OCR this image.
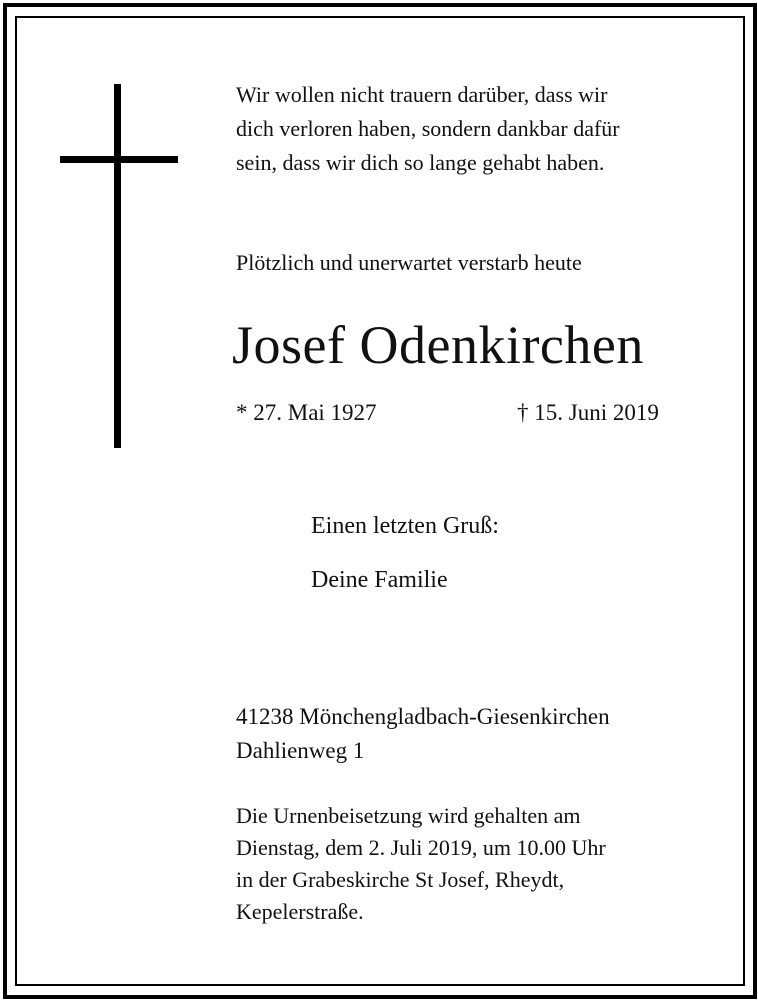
Wir wollen nicht trauern darüber, dass wir
dich verloren haben, sondern dankbar dafür
sein, dass wir dich so lange gehabt haben.
Plötzlich und unerwartet verstarb heute
Josef Odenkirchen
* 27. Mai 1927	† 15. Juni 2019
Einen letzten Gruß:
Deine Familie
41238 Mönchengladbach-Giesenkirchen
Dahlienweg 1
Die Urnenbeisetzung wird gehalten am
Dienstag, dem 2. Juli 2019, um 10.00 Uhr
in der Grabeskirche St Josef, Rheydt,
Kepelerstraße.
